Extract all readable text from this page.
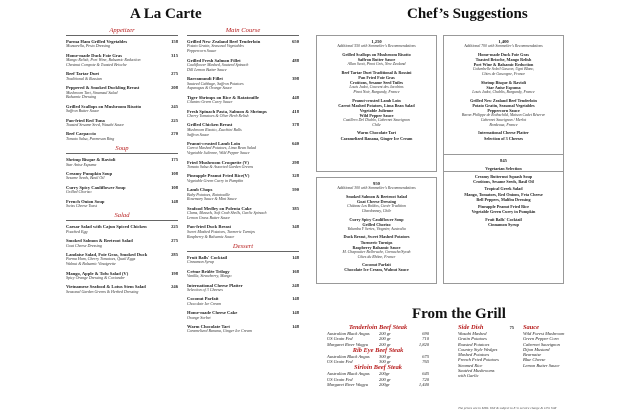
A La Carte	Chef’s Suggestions
Appetizer
Parma Ham Grilled Vegetables	158
Mozzarella, Pesto Dressing
Home-made Duck Foie Gras	315
Mango Relish, Port Wine, Balsamic Reduction
Chestnut Compote & Toasted Brioche
Beef Tartar Duet	275
Traditional & Russian
Peppered & Smoked Duckling Breast	208
Mushroom Tart, Sinamsul Salad
Balsamic Dressing
Grilled Scallops on Mushroom Risotto	245
Saffron Butter Sauce
Pan-fried Red Tuna	225
Toasted Sesame Seed, Wasabi Sauce
Beef Carpaccio	270
Tomato Salsa, Parmesan Ring
Soup
Shrimp Bisque & Ravioli	175
Star Anise Espuma
Creamy Pumpkin Soup	108
Sesame Seeds, Basil Oil
Curry Spicy Cauliflower Soup	108
Grilled Chorizo
French Onion Soup	148
Swiss Cheese Toast
Salad
Caesar Salad with Cajun Spiced Chicken	225
Poached Egg
Smoked Salmon & Beetroot Salad	275
Goat Cheese Dressing
Landaise Salad, Foie Gras, Smoked Duck	285
Parma Ham, Cherry Tomatoes, Quail Eggs
Walnut & Balsamic Vinaigrette
Mango, Apple & Tofu Salad (V)	198
Spicy Orange Dressing & Coriander
Vietnamese Seafood & Lotus Stem Salad	246
Seasonal Garden Greens & Herbed Dressing
Main Course
Grilled New Zealand Beef Tenderloin	650
Potato Gratin, Seasonal Vegetables
Peppercorn Sauce
Grilled Fresh Salmon Fillet	488
Cauliflower Mashed, Sauteed Spinach
Dill Lemon Butter Sauce
Barramundi Fillet	398
Sauteed Cabbage, Saffron Potatoes
Asparagus & Orange Sauce
Tiger Shrimps on Rice & Ratatouille	448
Cilantro Green Curry Sauce
Fresh Spinach Pasta, Salmon & Shrimps	418
Cherry Tomatoes & Olive Herb Relish
Grilled Chicken Breast	378
Mushroom Risotto, Zucchini Balls
Saffron Sauce
Peanut-crusted Lamb Loin	640
Carrot Mashed Potatoes, Lima Bean Salad
Vegetable Julienne, Wild Pepper Sauce
Fried Mushroom Croquette (V)	298
Tomato Salsa & Assorted Garden Greens
Pineapple Peanut Fried Rice(V)	328
Vegetable Green Curry in Pumpkin
Lamb Chops	590
Baby Potatoes, Ratatouille
Rosemary Sauce & Mint Sauce
Seafood Medley on Polenta Cake	385
Clams, Mussels, Soft Crab Shells, Garlic Spinach
Lemon Grass Butter Sauce
Pan-fried Duck Breast	348
Sweet Mashed Potatoes, Turmeric Turnips
Raspberry & Balsamic Sauce
Dessert
Fruit Balls' Cocktail	148
Cinnamon Syrup
Crème Brûlée Trilogy	168
Vanilla, Strawberry, Mango
International Cheese Platter	248
Selection of 3 Cheeses
Coconut Parfait	148
Chocolate Ice Cream
Home-made Cheese Cake	148
Orange Sorbet
Warm Chocolate Tart	148
Caramelized Banana, Ginger Ice Cream
1,250
Additional 550 with Sommelier’s Recommendations
Grilled Scallops on Mushroom Risotto
Saffron Butter Sauce
Allan Scott, Pinot Gris, New Zealand
Beef Tartar Duet Traditional & Rossini
Pan Fried Foie Gras
Croûtons, Sesame Seed Tuiles
Louis Jadot, Couvent des Jacobins
Pinot Noir, Burgundy, France
Peanut-crusted Lamb Loin
Carrot Mashed Potatoes, Lima Bean Salad
Vegetable Julienne
Wild Pepper Sauce
Casillero Del Diablo, Cabernet Sauvignon
Chile
Warm Chocolate Tart
Caramelized Banana, Ginger Ice Cream
1,400
Additional 700 with Sommelier’s Recommendations
Home-made Duck Foie Gras
Toasted Brioche, Mango Relish
Port Wine & Balsamic Reduction
Columbelle Soleil Gascon, Ugni Blanc,
Côtes de Gascogne, France
Shrimp Bisque & Ravioli
Star Anise Espuma
Louis Jadot, Chablis, Burgundy, France
Grilled New Zealand Beef Tenderloin
Potato Gratin, Seasonal Vegetables
Peppercorn Sauce
Baron Philippe de Rothschild, Maison Cadet Réserve
Cabernet Sauvignon / Merlot
Bordeaux, France
International Cheese Platter
Selection of 3 Cheeses
950
Additional 300 with Sommelier’s Recommendations
Smoked Salmon & Beetroot Salad
Goat Cheese Dressing
Château Los Boldos, Cuvée Tradition
Chardonnay, Chile
Curry Spicy Cauliflower Soup
Grilled Chorizo
Yalumba Y Series, Viognier, Australia
Duck Breast, Sweet Mashed Potatoes
Turmeric Turnips
Raspberry Balsamic Sauce
M. Chapoutier Belleruche, Grenache/Syrah
Côtes du Rhône, France
Coconut Parfait
Chocolate Ice Cream, Walnut Sauce
845
Vegetarian Selection
Creamy Butternut Squash Soup
Croûtons, Sesame Seeds, Basil Oil
Tropical Greek Salad
Mango, Tomatoes, Red Onions, Feta Cheese
Bell Peppers, Malibu Dressing
Pineapple Peanut Fried Rice
Vegetable Green Curry in Pumpkin
Fruit Balls' Cocktail
Cinnamon Syrup
From the Grill
Tenderloin Beef Steak
Australian Black Angus	200 gr	690
US Grain Fed	200 gr	710
Margaret River Wagyu	200 gr	1,820
Rib Eye Beef Steak
Australian Black Angus	300 gr	675
US Grain Fed	300 gr	765
Sirloin Beef Steak
Australian Black Angus	200gr	645
US Grain Fed	200 gr	720
Margaret River Wagyu	200gr	1,440
Side Dish	75
Wasabi Mashed
Gratin Potatoes
Roasted Potatoes
Country Style Wedges
Mashed Potatoes
French Fried Potatoes
Steamed Rice
Sautéed Mushrooms
with Garlic
Sauce
Wild Forest Mushroom
Green Pepper Corn
Cabernet Sauvignon
Dijon Mustard
Bearnaise
Blue Cheese
Lemon Butter Sauce
The prices are in MDL VAT & subject to 8 % service charge & 10% VAT
